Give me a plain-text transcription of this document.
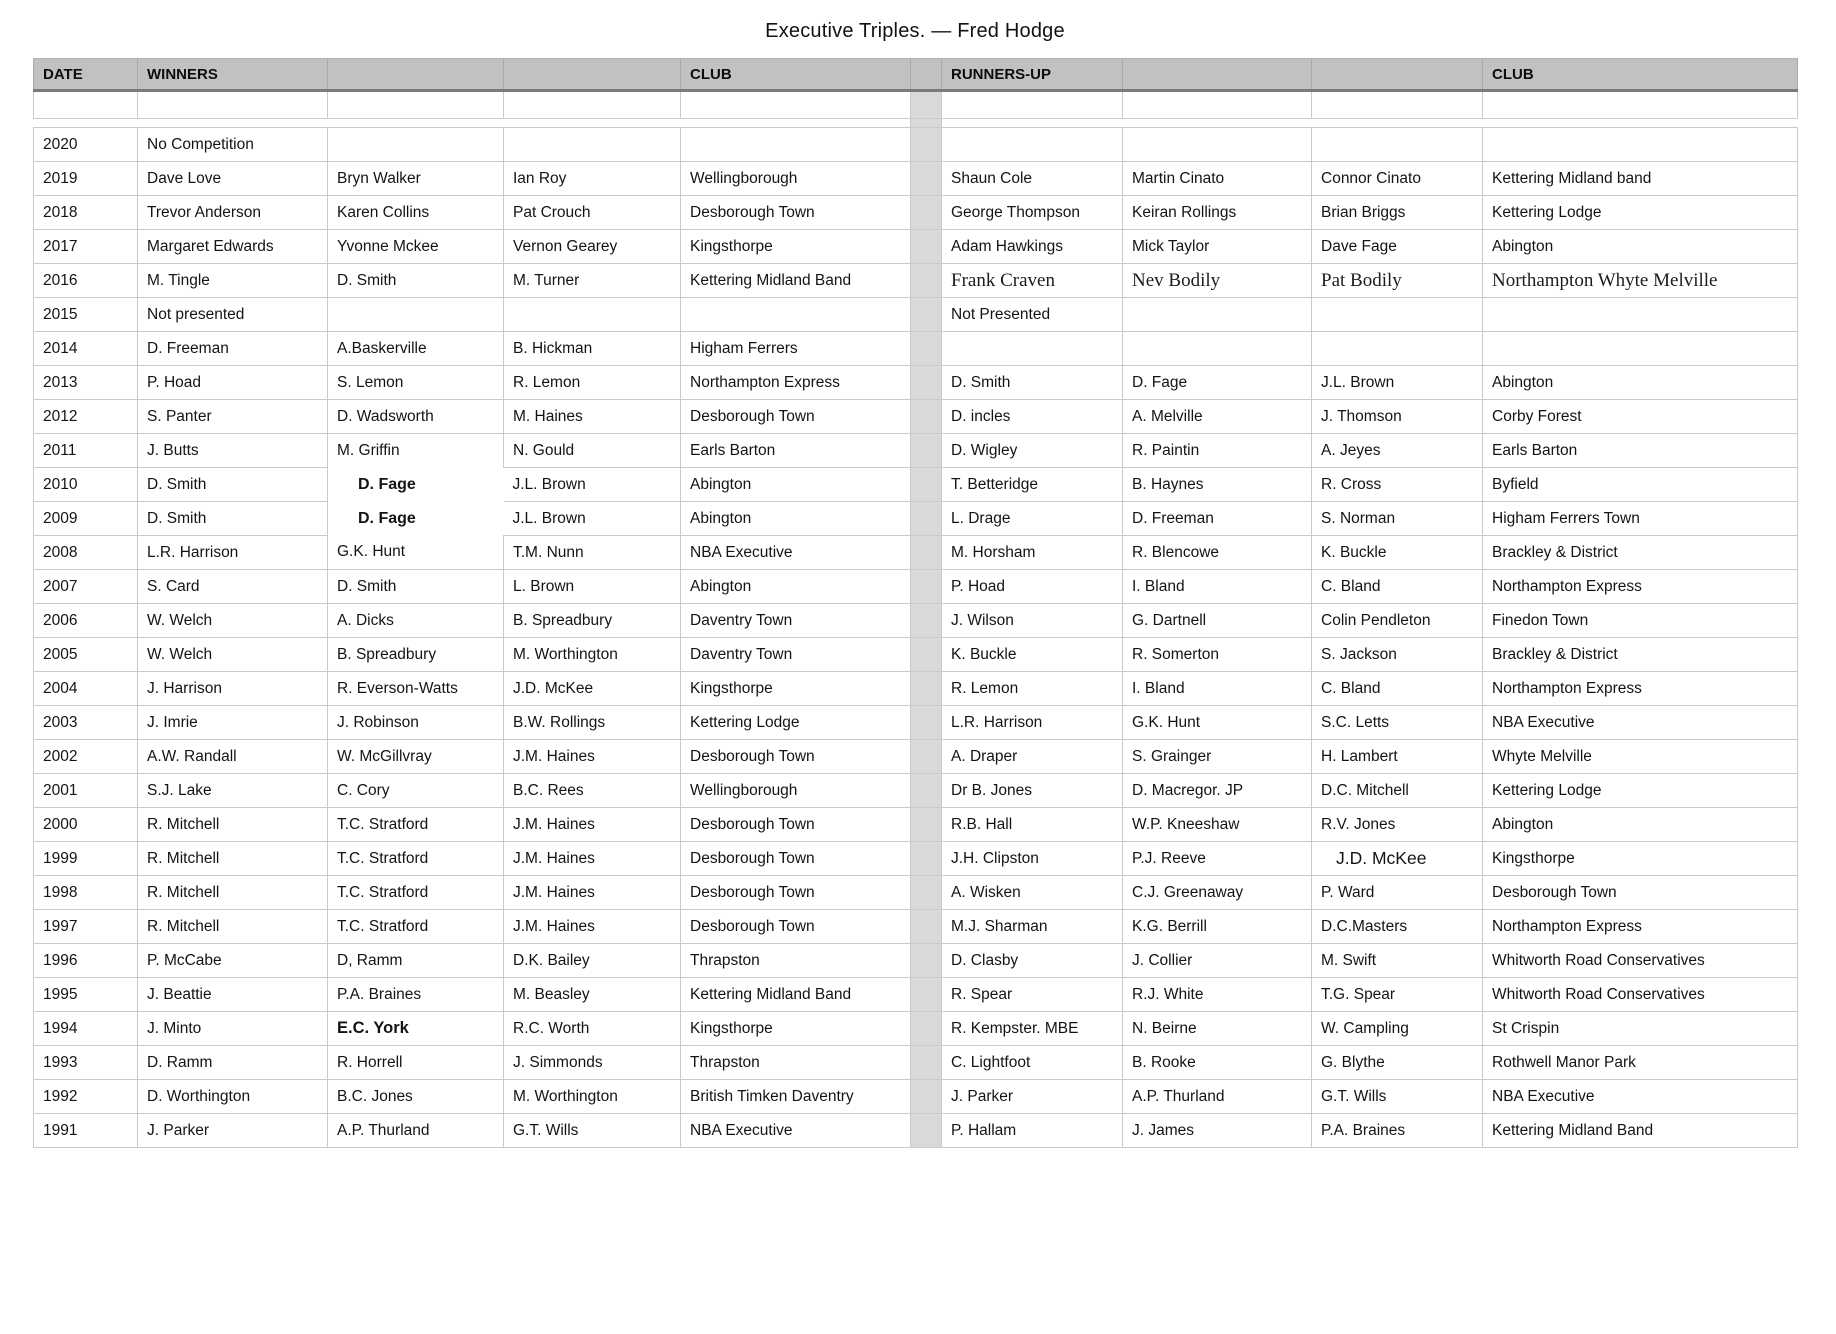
Executive Triples. — Fred Hodge
DATE	WINNERS			CLUB		RUNNERS-UP			CLUB

2020	No Competition								
2019	Dave Love	Bryn Walker	Ian Roy	Wellingborough		Shaun Cole	Martin Cinato	Connor Cinato	Kettering Midland band
2018	Trevor Anderson	Karen Collins	Pat Crouch	Desborough Town		George Thompson	Keiran Rollings	Brian Briggs	Kettering Lodge
2017	Margaret Edwards	Yvonne Mckee	Vernon Gearey	Kingsthorpe		Adam Hawkings	Mick Taylor	Dave Fage	Abington
2016	M. Tingle	D. Smith	M. Turner	Kettering Midland Band		Frank Craven	Nev Bodily	Pat Bodily	Northampton Whyte Melville
2015	Not presented					Not Presented			
2014	D. Freeman	A.Baskerville	B. Hickman	Higham Ferrers					
2013	P. Hoad	S. Lemon	R. Lemon	Northampton Express		D. Smith	D. Fage	J.L. Brown	Abington
2012	S. Panter	D. Wadsworth	M. Haines	Desborough Town		D. incles	A. Melville	J. Thomson	Corby Forest
2011	J. Butts	M. Griffin	N. Gould	Earls Barton		D. Wigley	R. Paintin	A. Jeyes	Earls Barton
2010	D. Smith	D. Fage	J.L. Brown	Abington		T. Betteridge	B. Haynes	R. Cross	Byfield
2009	D. Smith	D. Fage	J.L. Brown	Abington		L. Drage	D. Freeman	S. Norman	Higham Ferrers Town
2008	L.R. Harrison	G.K. Hunt	T.M. Nunn	NBA Executive		M. Horsham	R. Blencowe	K. Buckle	Brackley & District
2007	S. Card	D. Smith	L. Brown	Abington		P. Hoad	I. Bland	C. Bland	Northampton Express
2006	W. Welch	A. Dicks	B. Spreadbury	Daventry Town		J. Wilson	G. Dartnell	Colin Pendleton	Finedon Town
2005	W. Welch	B. Spreadbury	M. Worthington	Daventry Town		K. Buckle	R. Somerton	S. Jackson	Brackley & District
2004	J. Harrison	R. Everson-Watts	J.D. McKee	Kingsthorpe		R. Lemon	I. Bland	C. Bland	Northampton Express
2003	J. Imrie	J. Robinson	B.W. Rollings	Kettering Lodge		L.R. Harrison	G.K. Hunt	S.C. Letts	NBA Executive
2002	A.W. Randall	W. McGillvray	J.M. Haines	Desborough Town		A. Draper	S. Grainger	H. Lambert	Whyte Melville
2001	S.J. Lake	C. Cory	B.C. Rees	Wellingborough		Dr B. Jones	D. Macregor. JP	D.C. Mitchell	Kettering Lodge
2000	R. Mitchell	T.C. Stratford	J.M. Haines	Desborough Town		R.B. Hall	W.P. Kneeshaw	R.V. Jones	Abington
1999	R. Mitchell	T.C. Stratford	J.M. Haines	Desborough Town		J.H. Clipston	P.J. Reeve	J.D. McKee	Kingsthorpe
1998	R. Mitchell	T.C. Stratford	J.M. Haines	Desborough Town		A. Wisken	C.J. Greenaway	P. Ward	Desborough Town
1997	R. Mitchell	T.C. Stratford	J.M. Haines	Desborough Town		M.J. Sharman	K.G. Berrill	D.C.Masters	Northampton Express
1996	P. McCabe	D, Ramm	D.K. Bailey	Thrapston		D. Clasby	J. Collier	M. Swift	Whitworth Road Conservatives
1995	J. Beattie	P.A. Braines	M. Beasley	Kettering Midland Band		R. Spear	R.J. White	T.G. Spear	Whitworth Road Conservatives
1994	J. Minto	E.C. York	R.C. Worth	Kingsthorpe		R. Kempster. MBE	N. Beirne	W. Campling	St Crispin
1993	D. Ramm	R. Horrell	J. Simmonds	Thrapston		C. Lightfoot	B. Rooke	G. Blythe	Rothwell Manor Park
1992	D. Worthington	B.C. Jones	M. Worthington	British Timken Daventry		J. Parker	A.P. Thurland	G.T. Wills	NBA Executive
1991	J. Parker	A.P. Thurland	G.T. Wills	NBA Executive		P. Hallam	J. James	P.A. Braines	Kettering Midland Band
